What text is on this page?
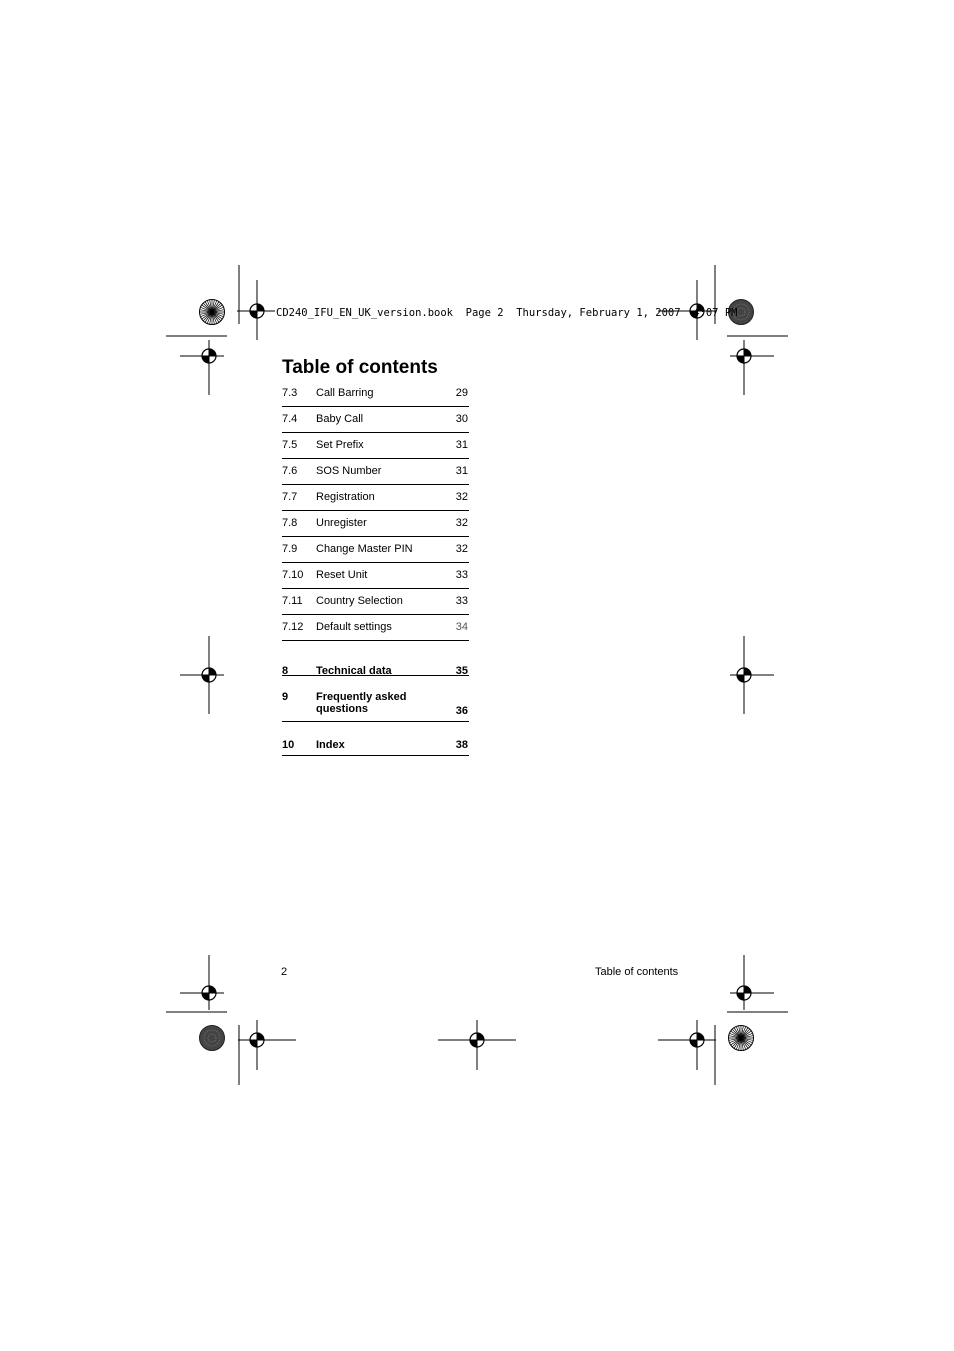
CD240_IFU_EN_UK_version.book  Page 2  Thursday, February 1, 2007  4:07 PM
Table of contents
7.3 Call Barring	29
7.4 Baby Call	30
7.5 Set Prefix	31
7.6 SOS Number	31
7.7 Registration	32
7.8 Unregister	32
7.9 Change Master PIN	32
7.10 Reset Unit	33
7.11 Country Selection	33
7.12 Default settings	34
8	Technical data	35
9	Frequently asked questions	36
10 Index	38
2	Table of contents
